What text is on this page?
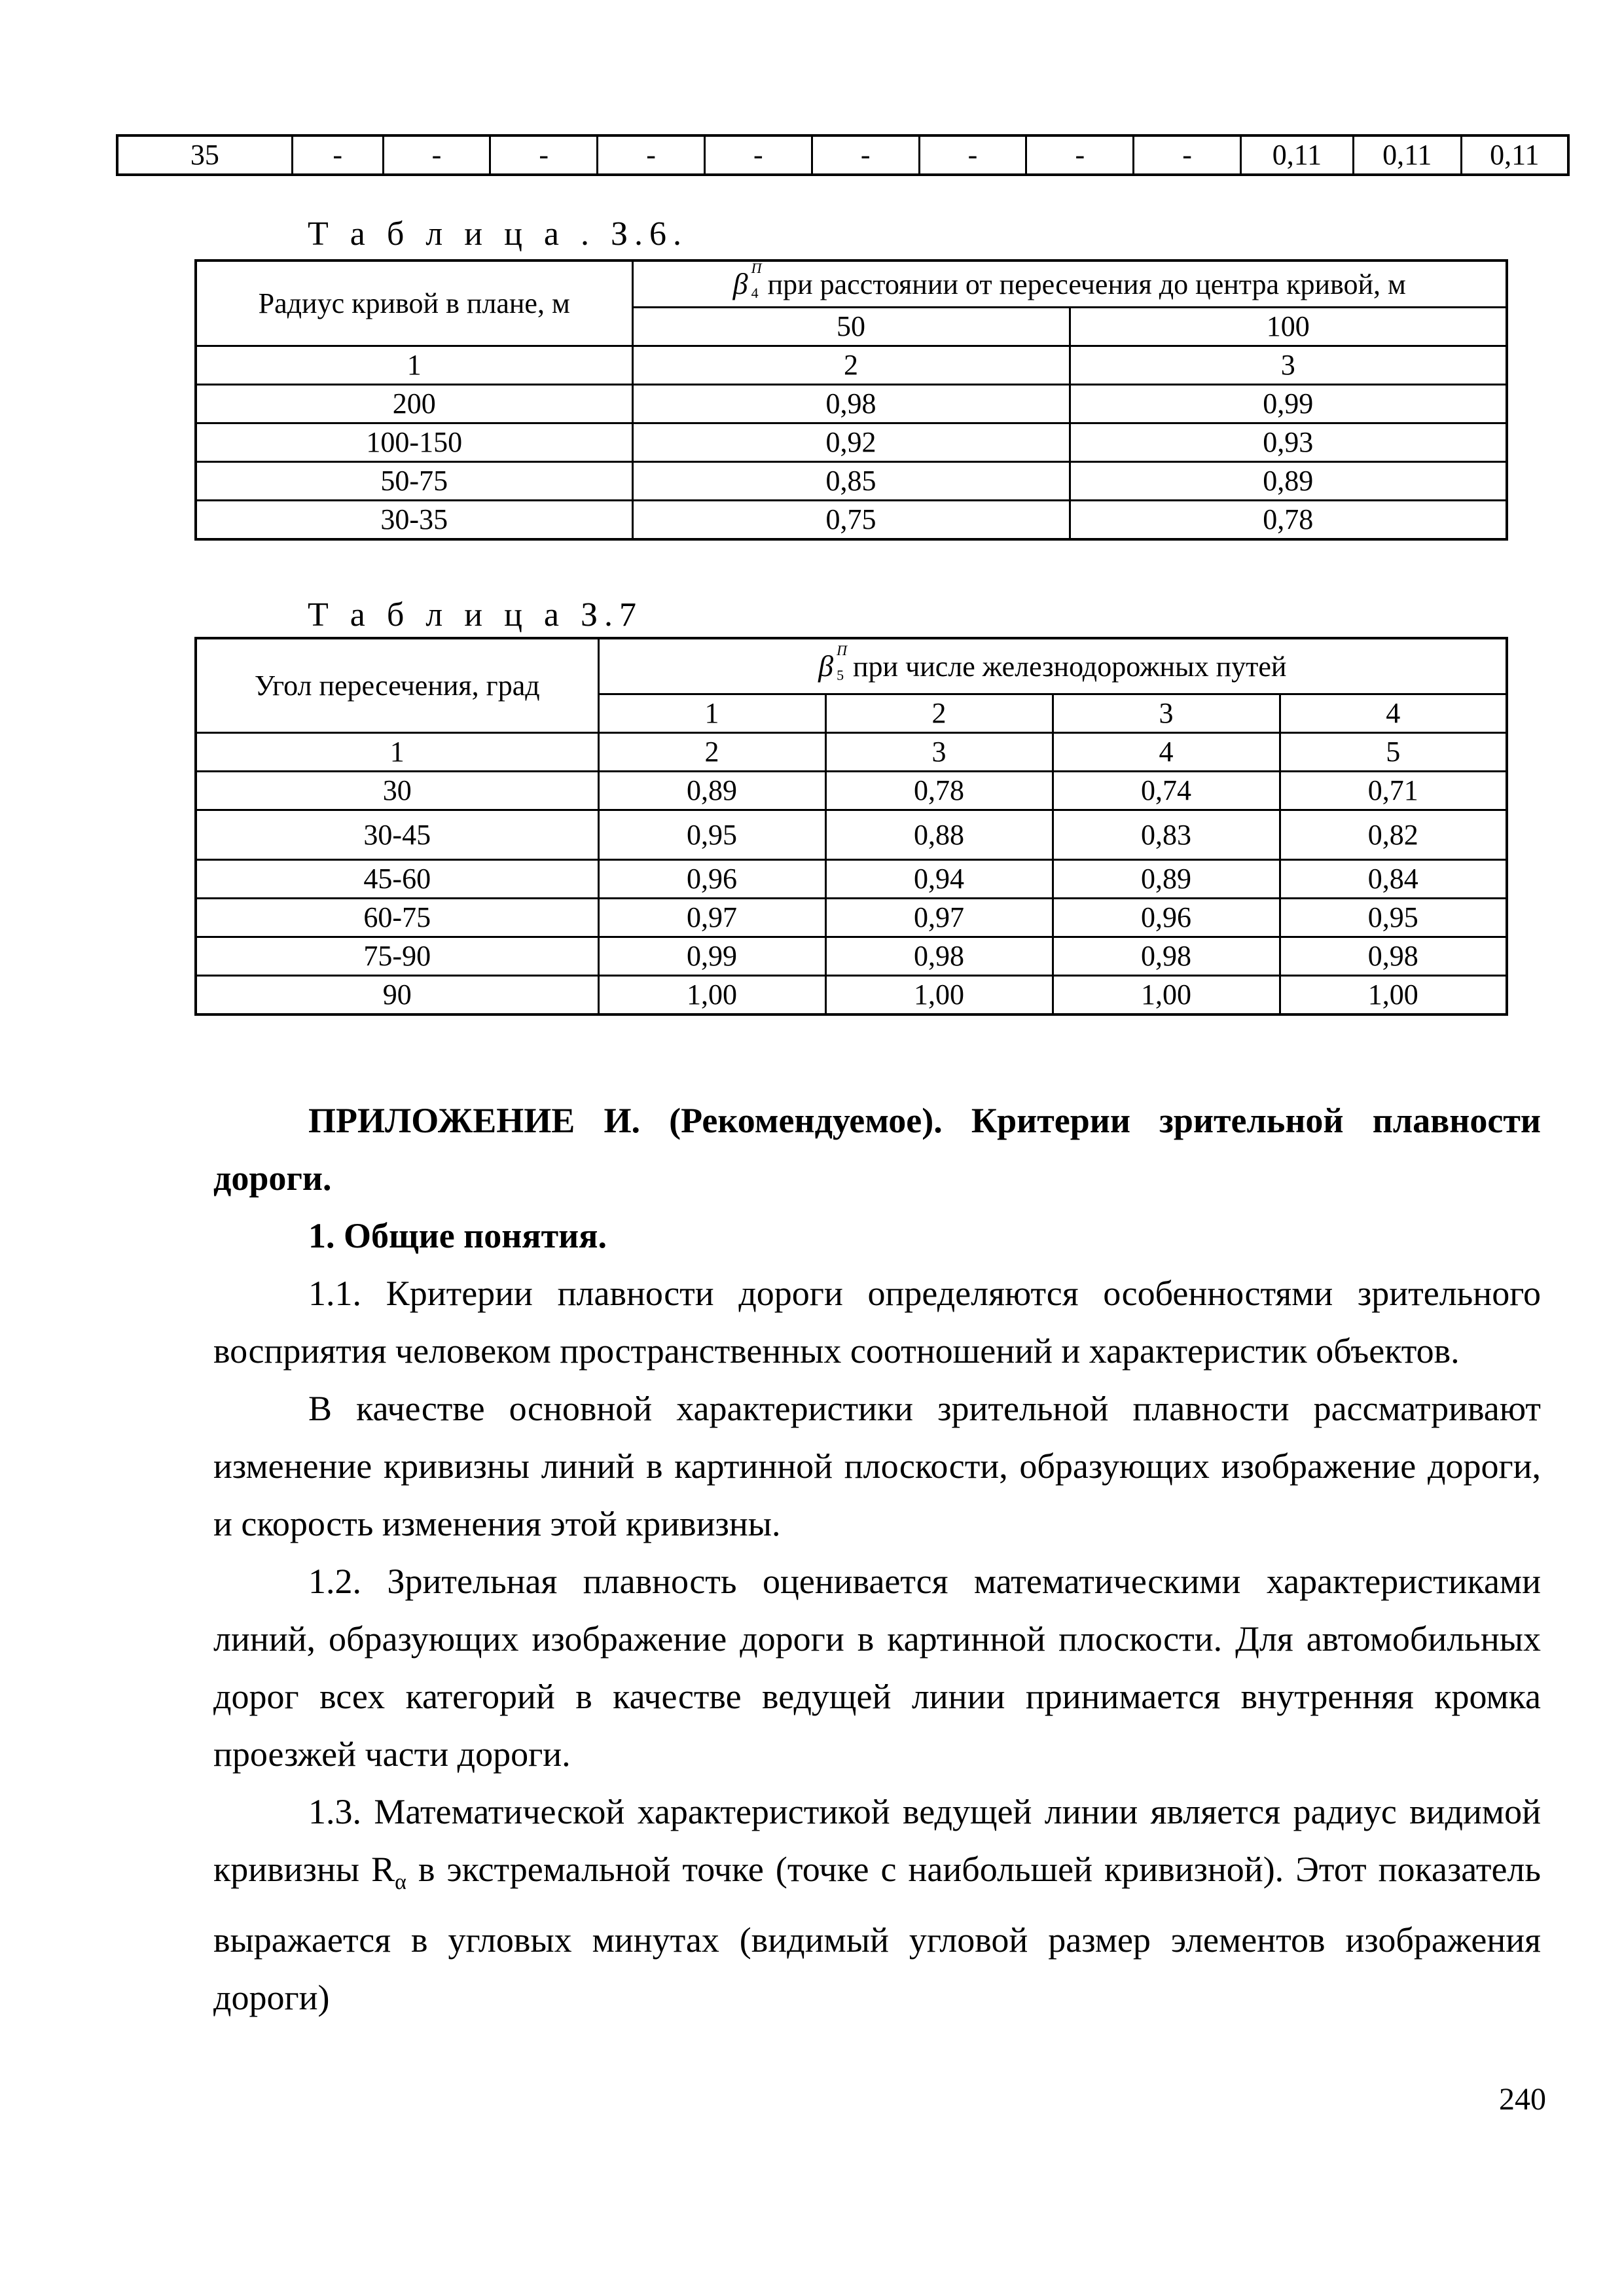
35	-	-	-	-	-	-	-	-	-	0,11	0,11	0,11
Т а б л и ц а . З.6.
Радиус кривой в плане, м	β П
4 при расстоянии от пересечения до центра кривой, м	
	50	100
1	2	3
200	0,98	0,99
100-150	0,92	0,93
50-75	0,85	0,89
30-35	0,75	0,78
Т а б л и ц а З.7
Угол пересечения, град	β П
5 при числе железнодорожных путей			
	1	2	3	4
1	2	3	4	5
30	0,89	0,78	0,74	0,71
30-45	0,95	0,88	0,83	0,82
45-60	0,96	0,94	0,89	0,84
60-75	0,97	0,97	0,96	0,95
75-90	0,99	0,98	0,98	0,98
90	1,00	1,00	1,00	1,00

ПРИЛОЖЕНИЕ И. (Рекомендуемое). Критерии зрительной плавности дороги.

1. Общие понятия.

1.1. Критерии плавности дороги определяются особенностями зрительного восприятия человеком пространственных соотношений и характеристик объектов.

В качестве основной характеристики зрительной плавности рассматривают изменение кривизны линий в картинной плоскости, образующих изображение дороги, и скорость изменения этой кривизны.

1.2. Зрительная плавность оценивается математическими характеристиками линий, образующих изображение дороги в картинной плоскости. Для автомобильных дорог всех категорий в качестве ведущей линии принимается внутренняя кромка проезжей части дороги.

1.3. Математической характеристикой ведущей линии является радиус видимой кривизны $R_\alpha$ в экстремальной точке (точке с наибольшей кривизной). Этот показатель выражается в угловых минутах (видимый угловой размер элементов изображения дороги)

240
